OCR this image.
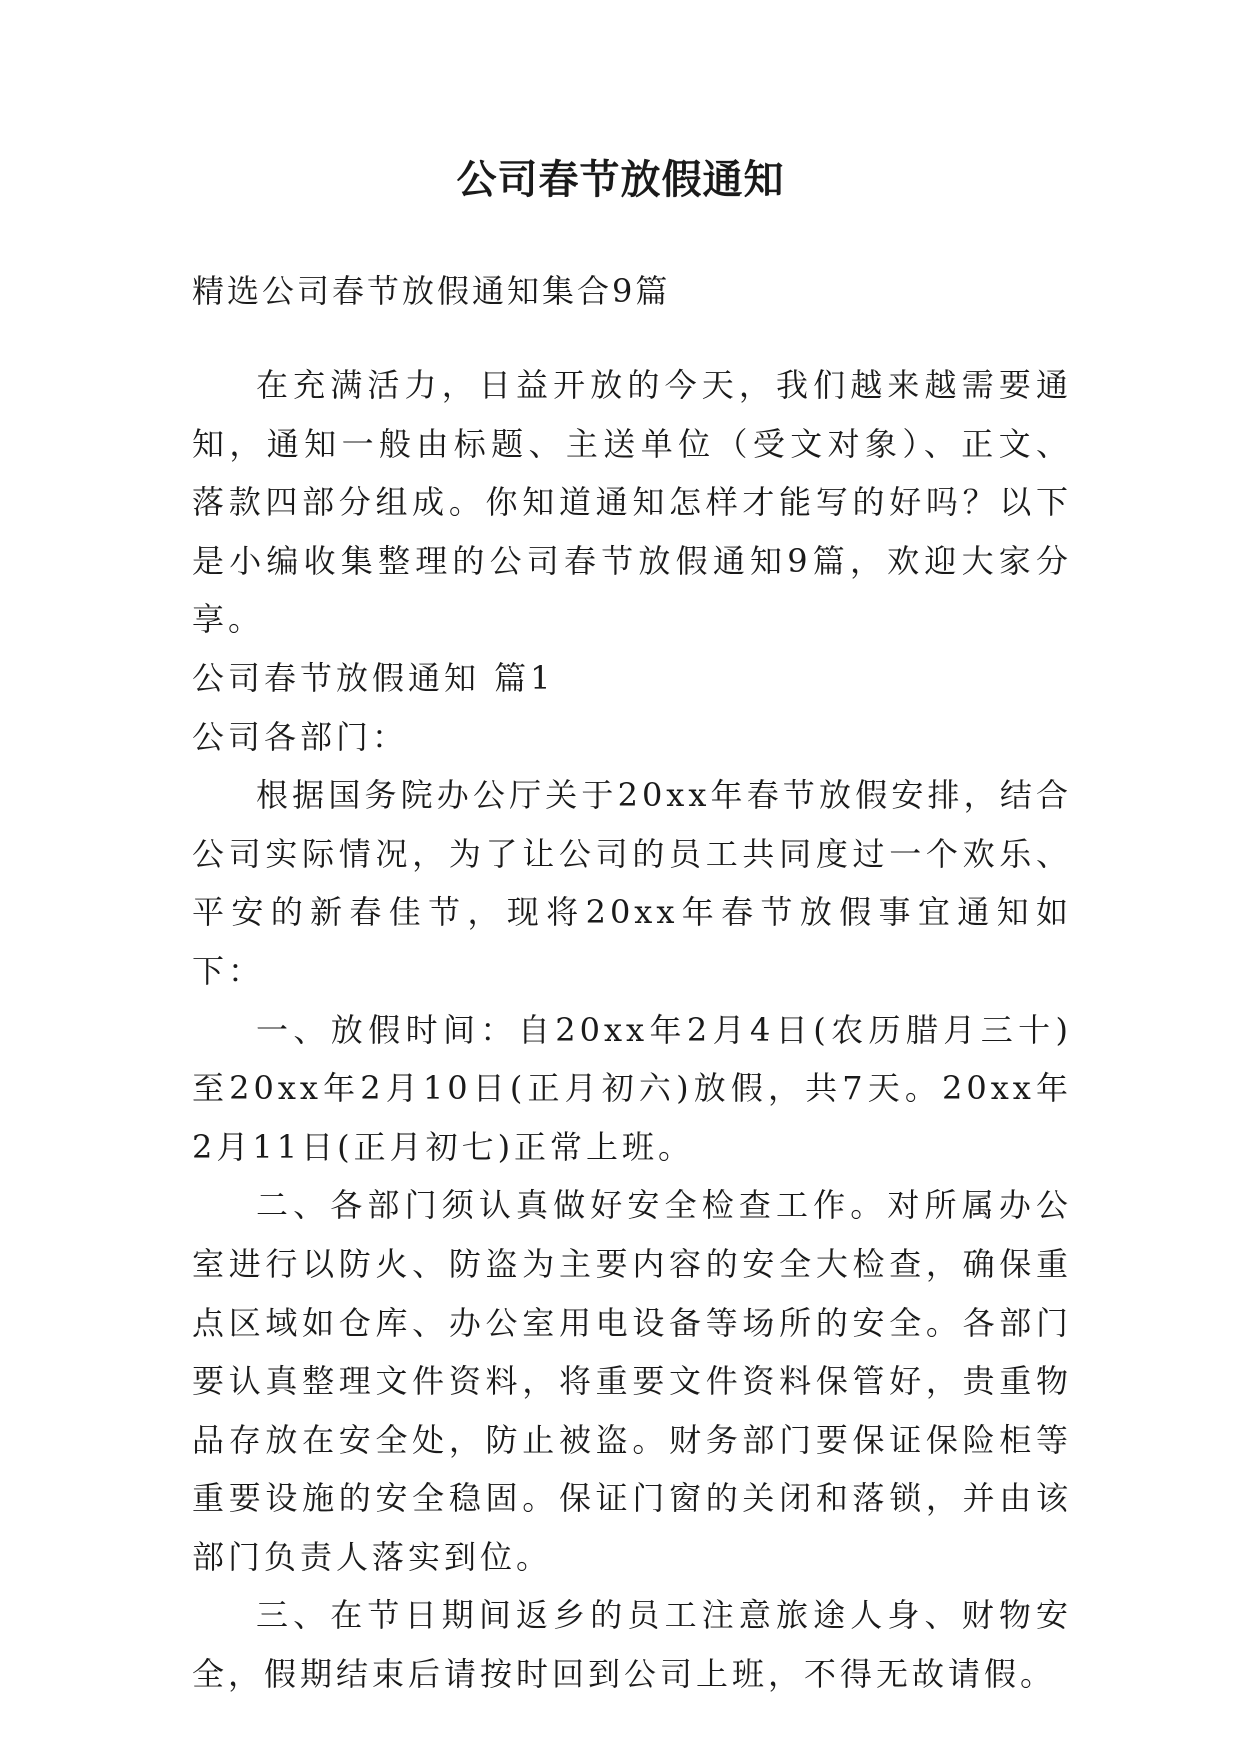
公司春节放假通知
精选公司春节放假通知集合9篇

在充满活力，日益开放的今天，我们越来越需要通知，通知一般由标题、主送单位（受文对象）、正文、落款四部分组成。你知道通知怎样才能写的好吗？以下是小编收集整理的公司春节放假通知9篇，欢迎大家分享。

公司春节放假通知 篇1

公司各部门：

根据国务院办公厅关于20xx年春节放假安排，结合公司实际情况，为了让公司的员工共同度过一个欢乐、平安的新春佳节，现将20xx年春节放假事宜通知如下：

一、放假时间：自20xx年2月4日(农历腊月三十)至20xx年2月10日(正月初六)放假，共7天。20xx年2月11日(正月初七)正常上班。

二、各部门须认真做好安全检查工作。对所属办公室进行以防火、防盗为主要内容的安全大检查，确保重点区域如仓库、办公室用电设备等场所的安全。各部门要认真整理文件资料，将重要文件资料保管好，贵重物品存放在安全处，防止被盗。财务部门要保证保险柜等重要设施的安全稳固。保证门窗的关闭和落锁，并由该部门负责人落实到位。

三、在节日期间返乡的员工注意旅途人身、财物安全，假期结束后请按时回到公司上班，不得无故请假。
